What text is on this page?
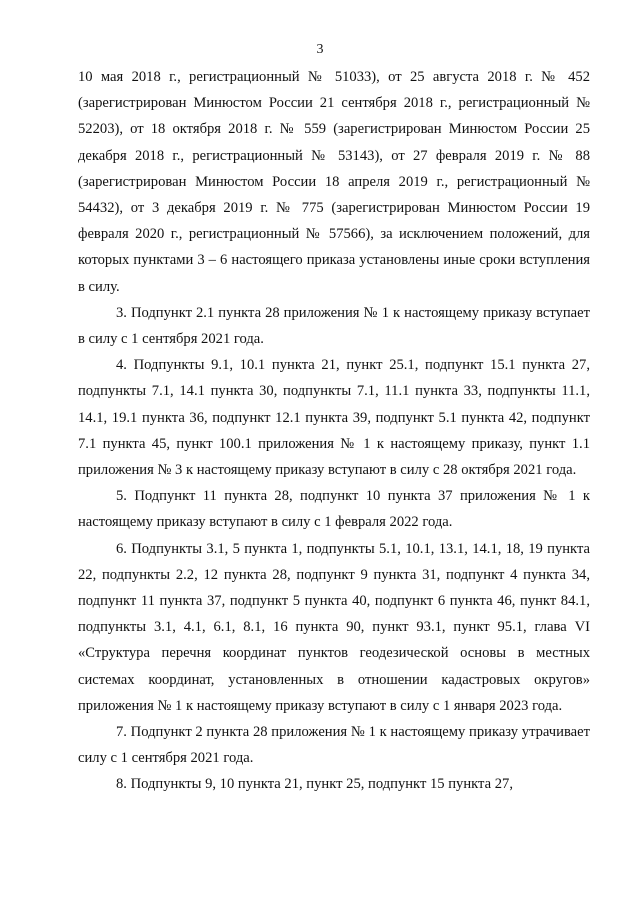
3

10 мая 2018 г., регистрационный № 51033), от 25 августа 2018 г. № 452 (зарегистрирован Минюстом России 21 сентября 2018 г., регистрационный № 52203), от 18 октября 2018 г. № 559 (зарегистрирован Минюстом России 25 декабря 2018 г., регистрационный № 53143), от 27 февраля 2019 г. № 88 (зарегистрирован Минюстом России 18 апреля 2019 г., регистрационный № 54432), от 3 декабря 2019 г. № 775 (зарегистрирован Минюстом России 19 февраля 2020 г., регистрационный № 57566), за исключением положений, для которых пунктами 3 – 6 настоящего приказа установлены иные сроки вступления в силу.

3. Подпункт 2.1 пункта 28 приложения № 1 к настоящему приказу вступает в силу с 1 сентября 2021 года.

4. Подпункты 9.1, 10.1 пункта 21, пункт 25.1, подпункт 15.1 пункта 27, подпункты 7.1, 14.1 пункта 30, подпункты 7.1, 11.1 пункта 33, подпункты 11.1, 14.1, 19.1 пункта 36, подпункт 12.1 пункта 39, подпункт 5.1 пункта 42, подпункт 7.1 пункта 45, пункт 100.1 приложения № 1 к настоящему приказу, пункт 1.1 приложения № 3 к настоящему приказу вступают в силу с 28 октября 2021 года.

5. Подпункт 11 пункта 28, подпункт 10 пункта 37 приложения № 1 к настоящему приказу вступают в силу с 1 февраля 2022 года.

6. Подпункты 3.1, 5 пункта 1, подпункты 5.1, 10.1, 13.1, 14.1, 18, 19 пункта 22, подпункты 2.2, 12 пункта 28, подпункт 9 пункта 31, подпункт 4 пункта 34, подпункт 11 пункта 37, подпункт 5 пункта 40, подпункт 6 пункта 46, пункт 84.1, подпункты 3.1, 4.1, 6.1, 8.1, 16 пункта 90, пункт 93.1, пункт 95.1, глава VI «Структура перечня координат пунктов геодезической основы в местных системах координат, установленных в отношении кадастровых округов» приложения № 1 к настоящему приказу вступают в силу с 1 января 2023 года.

7. Подпункт 2 пункта 28 приложения № 1 к настоящему приказу утрачивает силу с 1 сентября 2021 года.

8. Подпункты 9, 10 пункта 21, пункт 25, подпункт 15 пункта 27,
